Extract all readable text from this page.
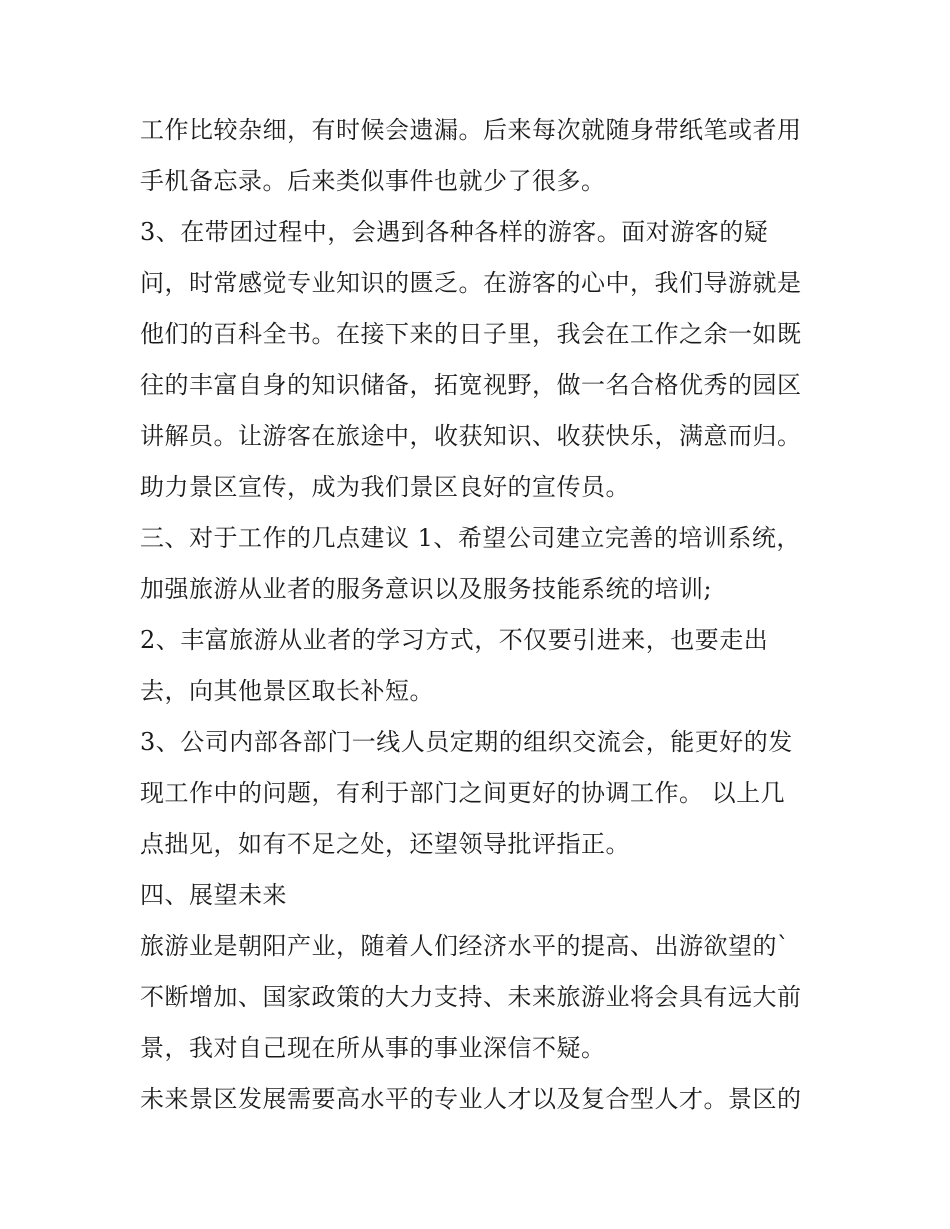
工作比较杂细，有时候会遗漏。后来每次就随身带纸笔或者用
手机备忘录。后来类似事件也就少了很多。
3、在带团过程中，会遇到各种各样的游客。面对游客的疑
问，时常感觉专业知识的匮乏。在游客的心中，我们导游就是
他们的百科全书。在接下来的日子里，我会在工作之余一如既
往的丰富自身的知识储备，拓宽视野，做一名合格优秀的园区
讲解员。让游客在旅途中，收获知识、收获快乐，满意而归。
助力景区宣传，成为我们景区良好的宣传员。
三、对于工作的几点建议 1、希望公司建立完善的培训系统，
加强旅游从业者的服务意识以及服务技能系统的培训;
2、丰富旅游从业者的学习方式，不仅要引进来，也要走出
去，向其他景区取长补短。
3、公司内部各部门一线人员定期的组织交流会，能更好的发
现工作中的问题，有利于部门之间更好的协调工作。 以上几
点拙见，如有不足之处，还望领导批评指正。
四、展望未来
旅游业是朝阳产业，随着人们经济水平的提高、出游欲望的`
不断增加、国家政策的大力支持、未来旅游业将会具有远大前
景，我对自己现在所从事的事业深信不疑。
未来景区发展需要高水平的专业人才以及复合型人才。景区的
